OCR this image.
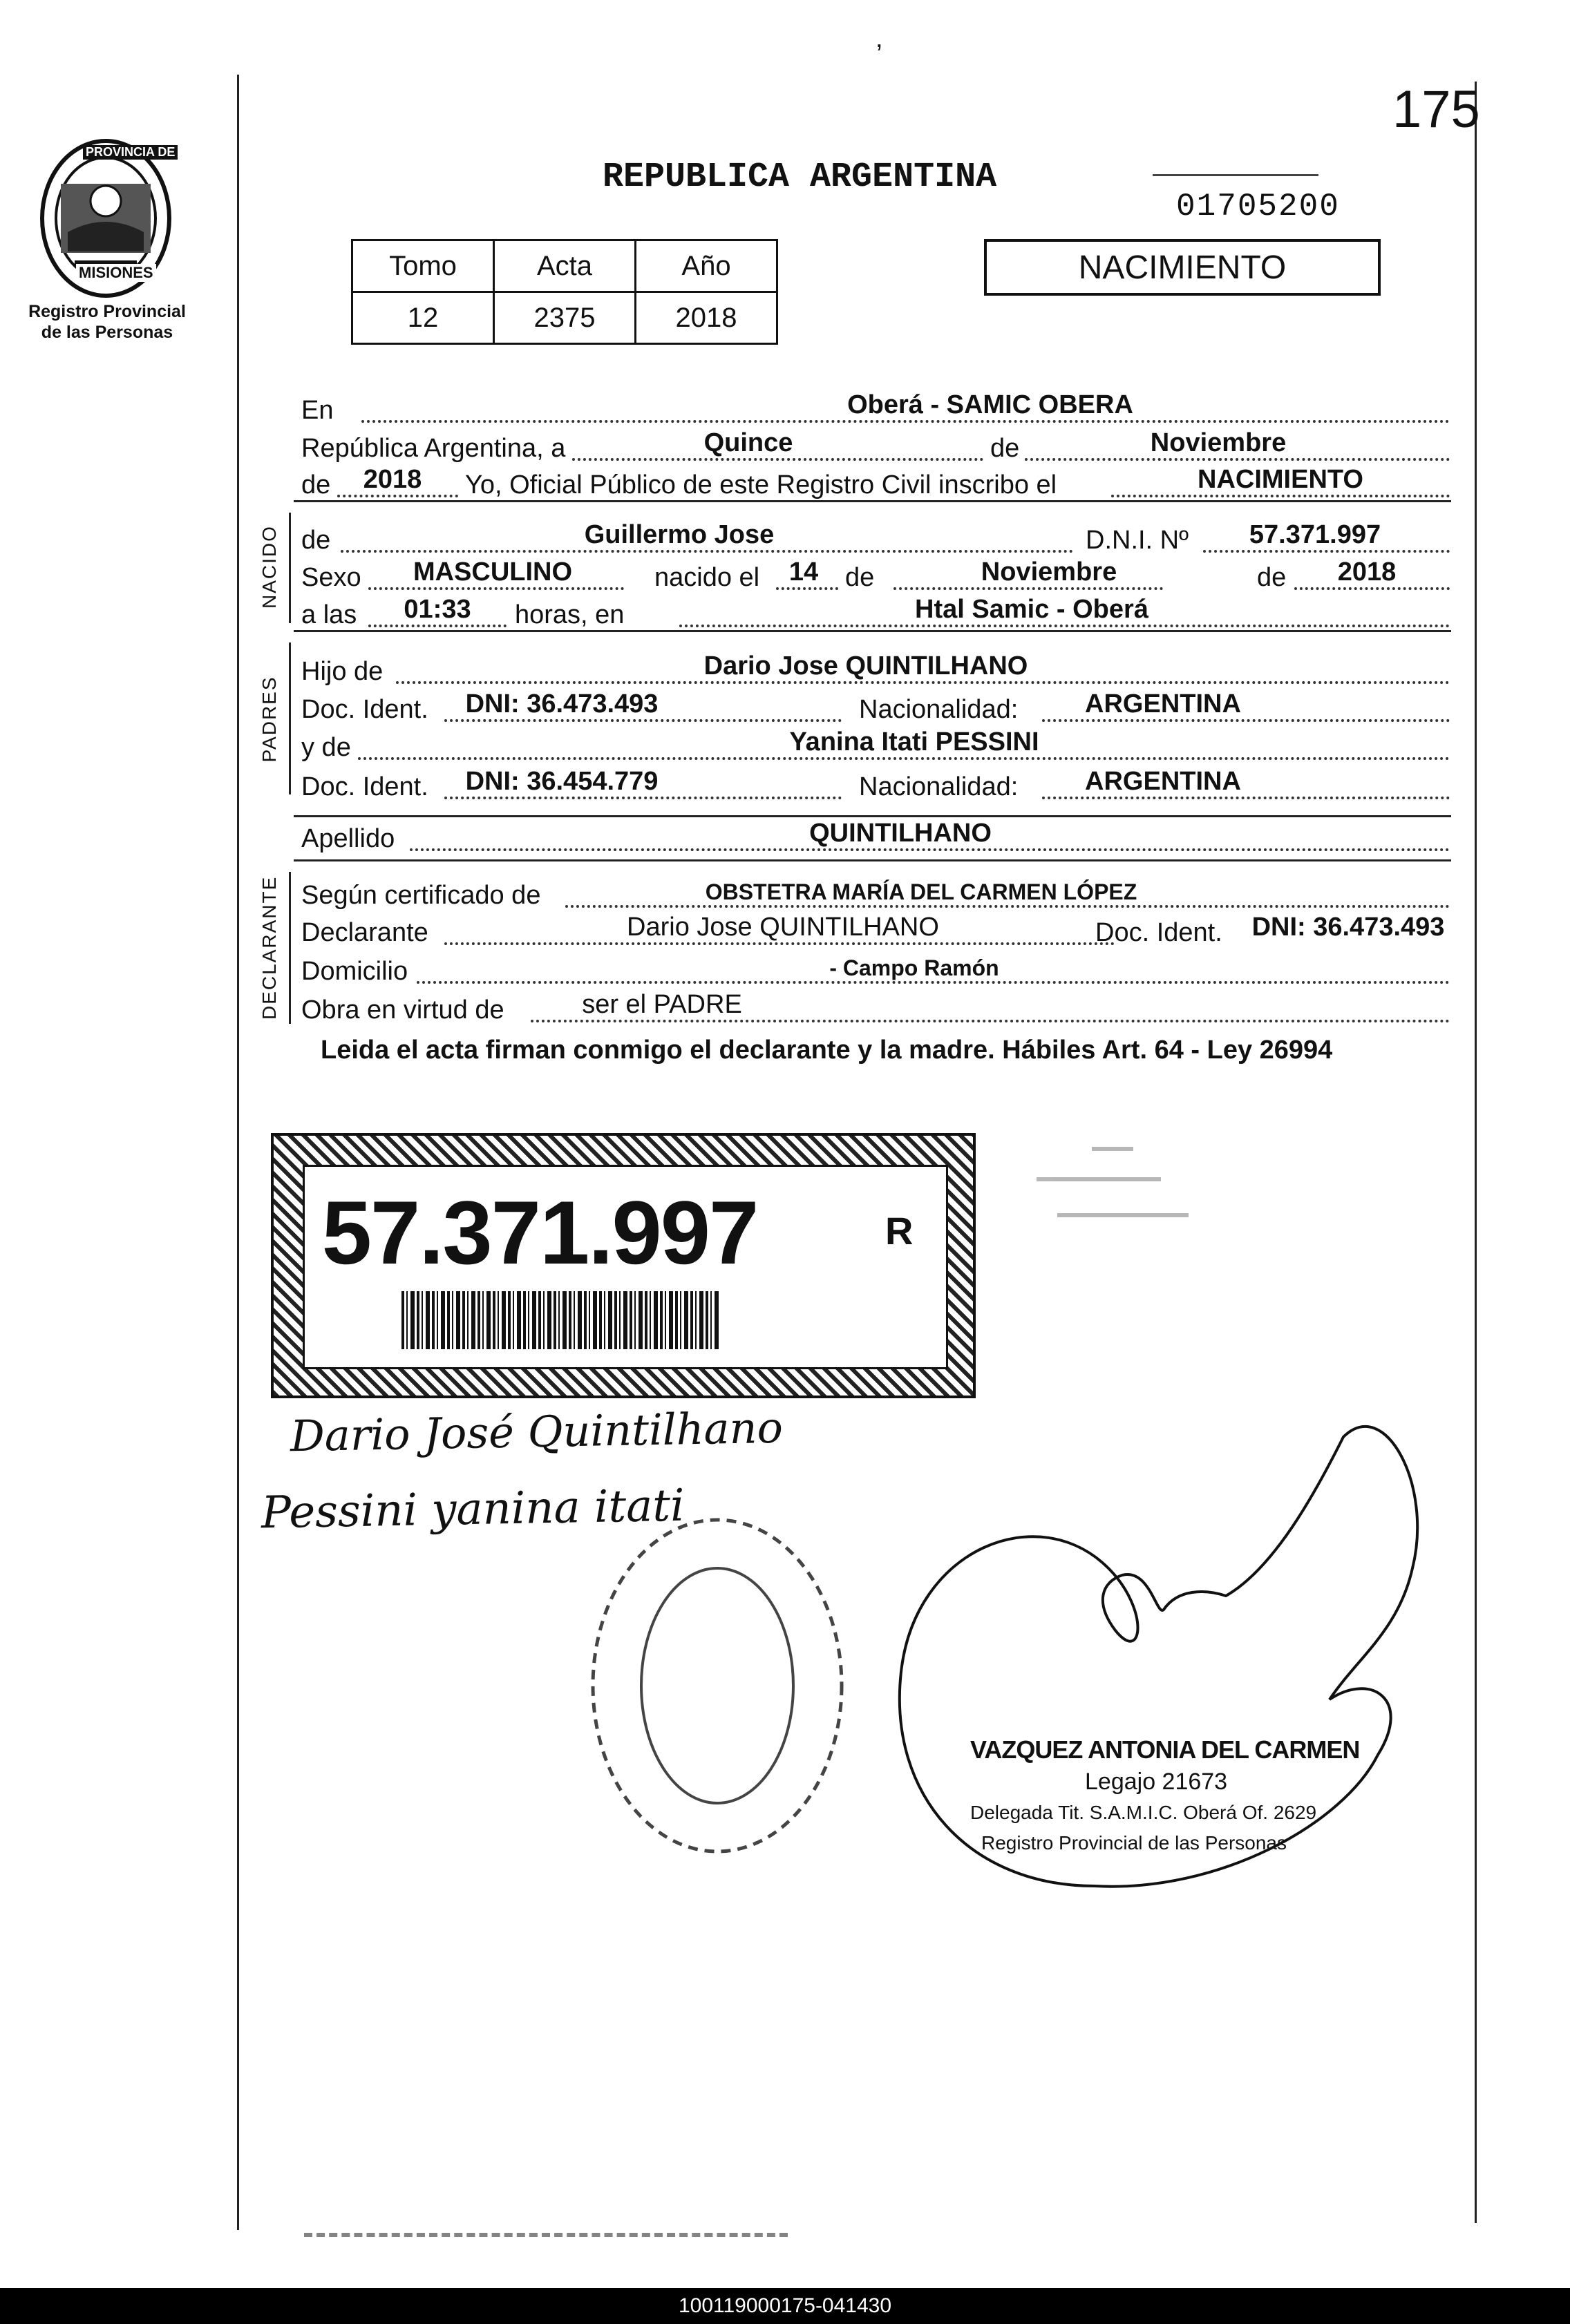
ʼ
175
PROVINCIA DE
MISIONES
Registro Provincial
de las Personas
REPUBLICA ARGENTINA
01705200
NACIMIENTO
Tomo	Acta	Año
12	2375	2018
NACIDO
PADRES
DECLARANTE
En	Oberá - SAMIC OBERA
República Argentina, a	Quince	de	Noviembre
de	2018	Yo, Oficial Público de este Registro Civil inscribo el	NACIMIENTO
de	Guillermo Jose	D.N.I. Nº	57.371.997
Sexo	MASCULINO	nacido el	14	de	Noviembre	de	2018
a las 01:33	horas, en	Htal Samic - Oberá
Hijo de	Dario Jose QUINTILHANO
Doc. Ident.	DNI: 36.473.493	Nacionalidad:	ARGENTINA
y de	Yanina Itati PESSINI
Doc. Ident.	DNI: 36.454.779	Nacionalidad:	ARGENTINA
Apellido	QUINTILHANO
Según certificado de	OBSTETRA MARÍA DEL CARMEN LÓPEZ
Declarante	Dario Jose QUINTILHANO	Doc. Ident. DNI: 36.473.493
Domicilio	- Campo Ramón
Obra en virtud de	ser el PADRE
Leida el acta firman conmigo el declarante y la madre. Hábiles Art. 64 - Ley 26994
57.371.997	R
Dario José Quintilhano
Pessini yanina itati
VAZQUEZ ANTONIA DEL CARMEN
Legajo 21673
Delegada Tit. S.A.M.I.C. Oberá Of. 2629
Registro Provincial de las Personas
100119000175-041430
